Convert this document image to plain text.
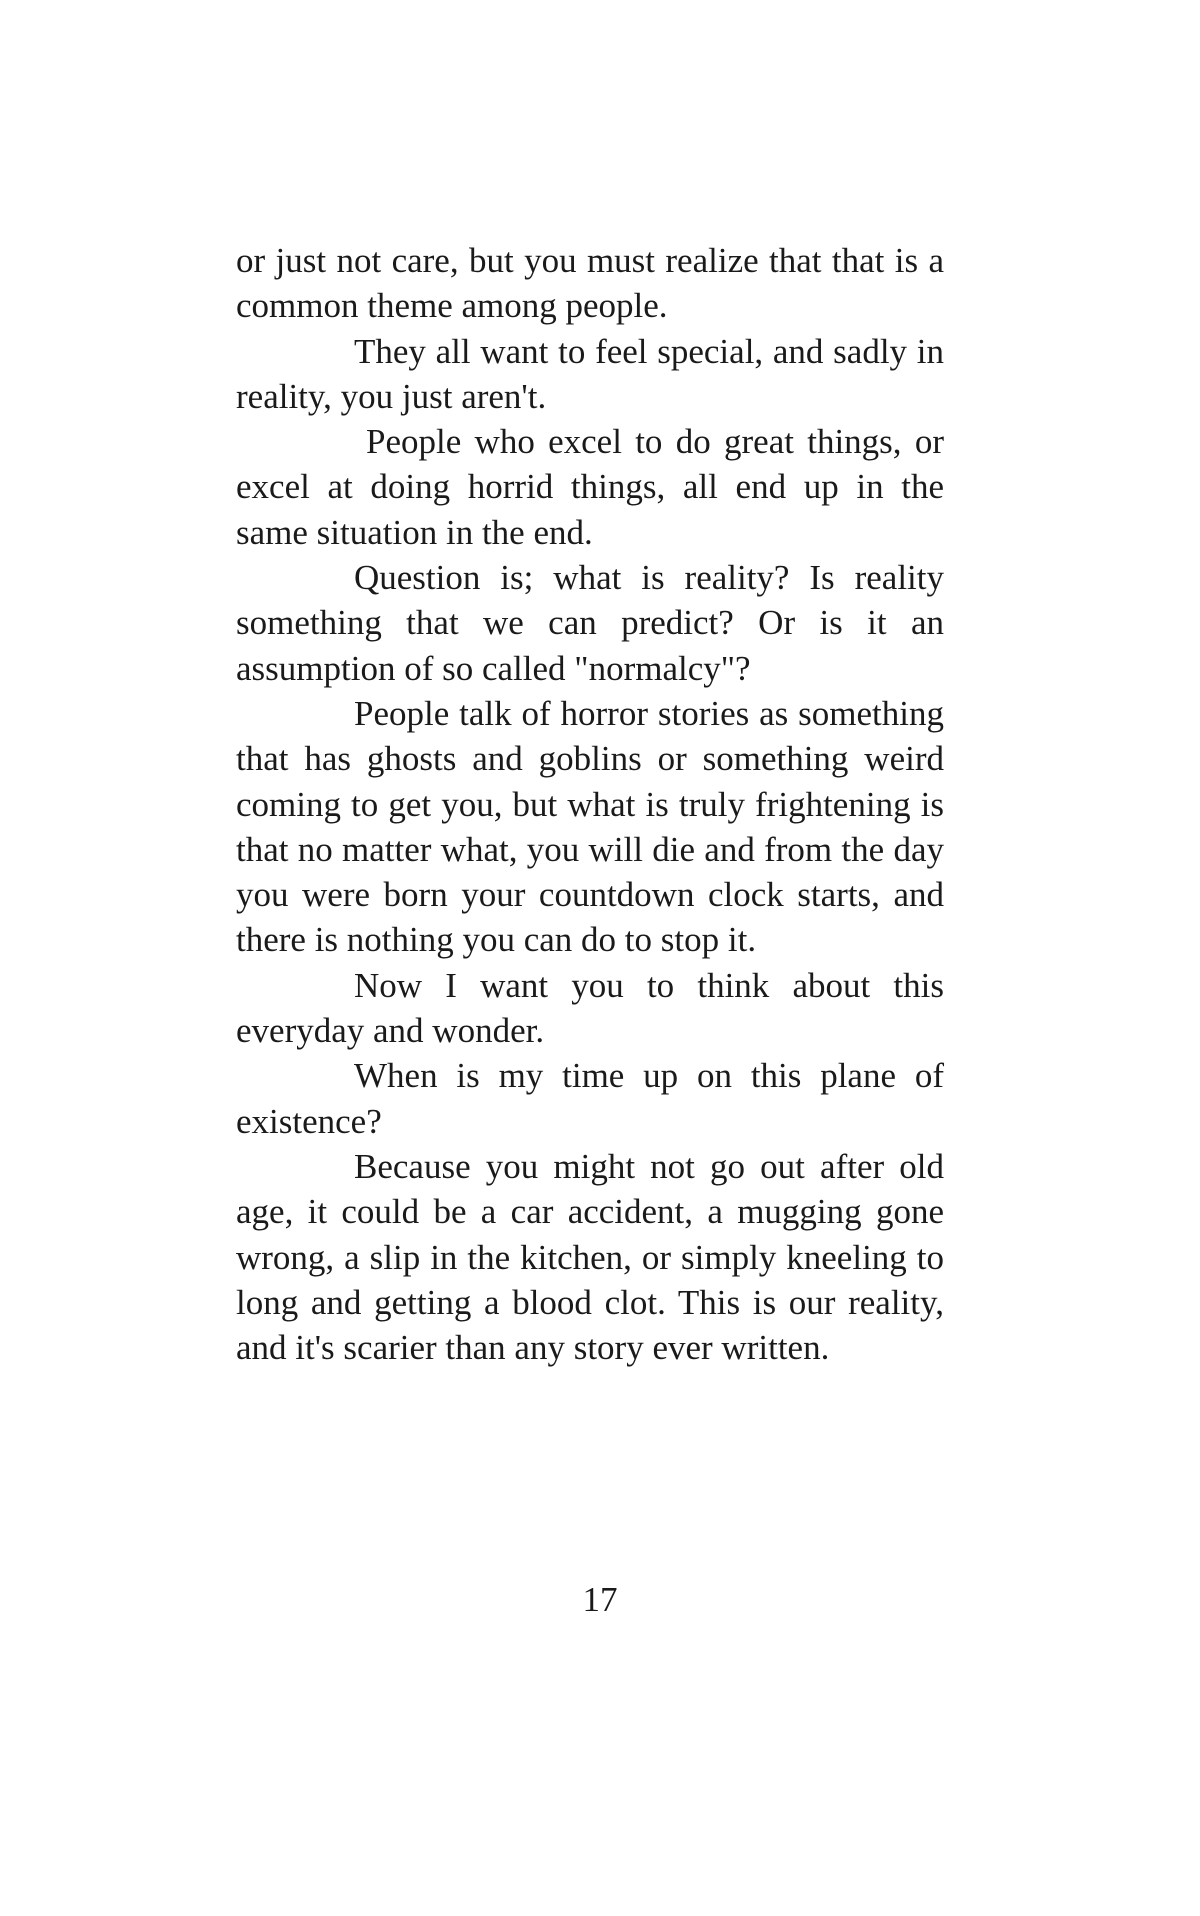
or just not care, but you must realize that that is a common theme among people.

They all want to feel special, and sadly in reality, you just aren't.

People who excel to do great things, or excel at doing horrid things, all end up in the same situation in the end.

Question is; what is reality? Is reality something that we can predict? Or is it an assumption of so called "normalcy"?

People talk of horror stories as something that has ghosts and goblins or something weird coming to get you, but what is truly frightening is that no matter what, you will die and from the day you were born your countdown clock starts, and there is nothing you can do to stop it.

Now I want you to think about this everyday and wonder.

When is my time up on this plane of existence?

Because you might not go out after old age, it could be a car accident, a mugging gone wrong, a slip in the kitchen, or simply kneeling to long and getting a blood clot. This is our reality, and it's scarier than any story ever written.

17
